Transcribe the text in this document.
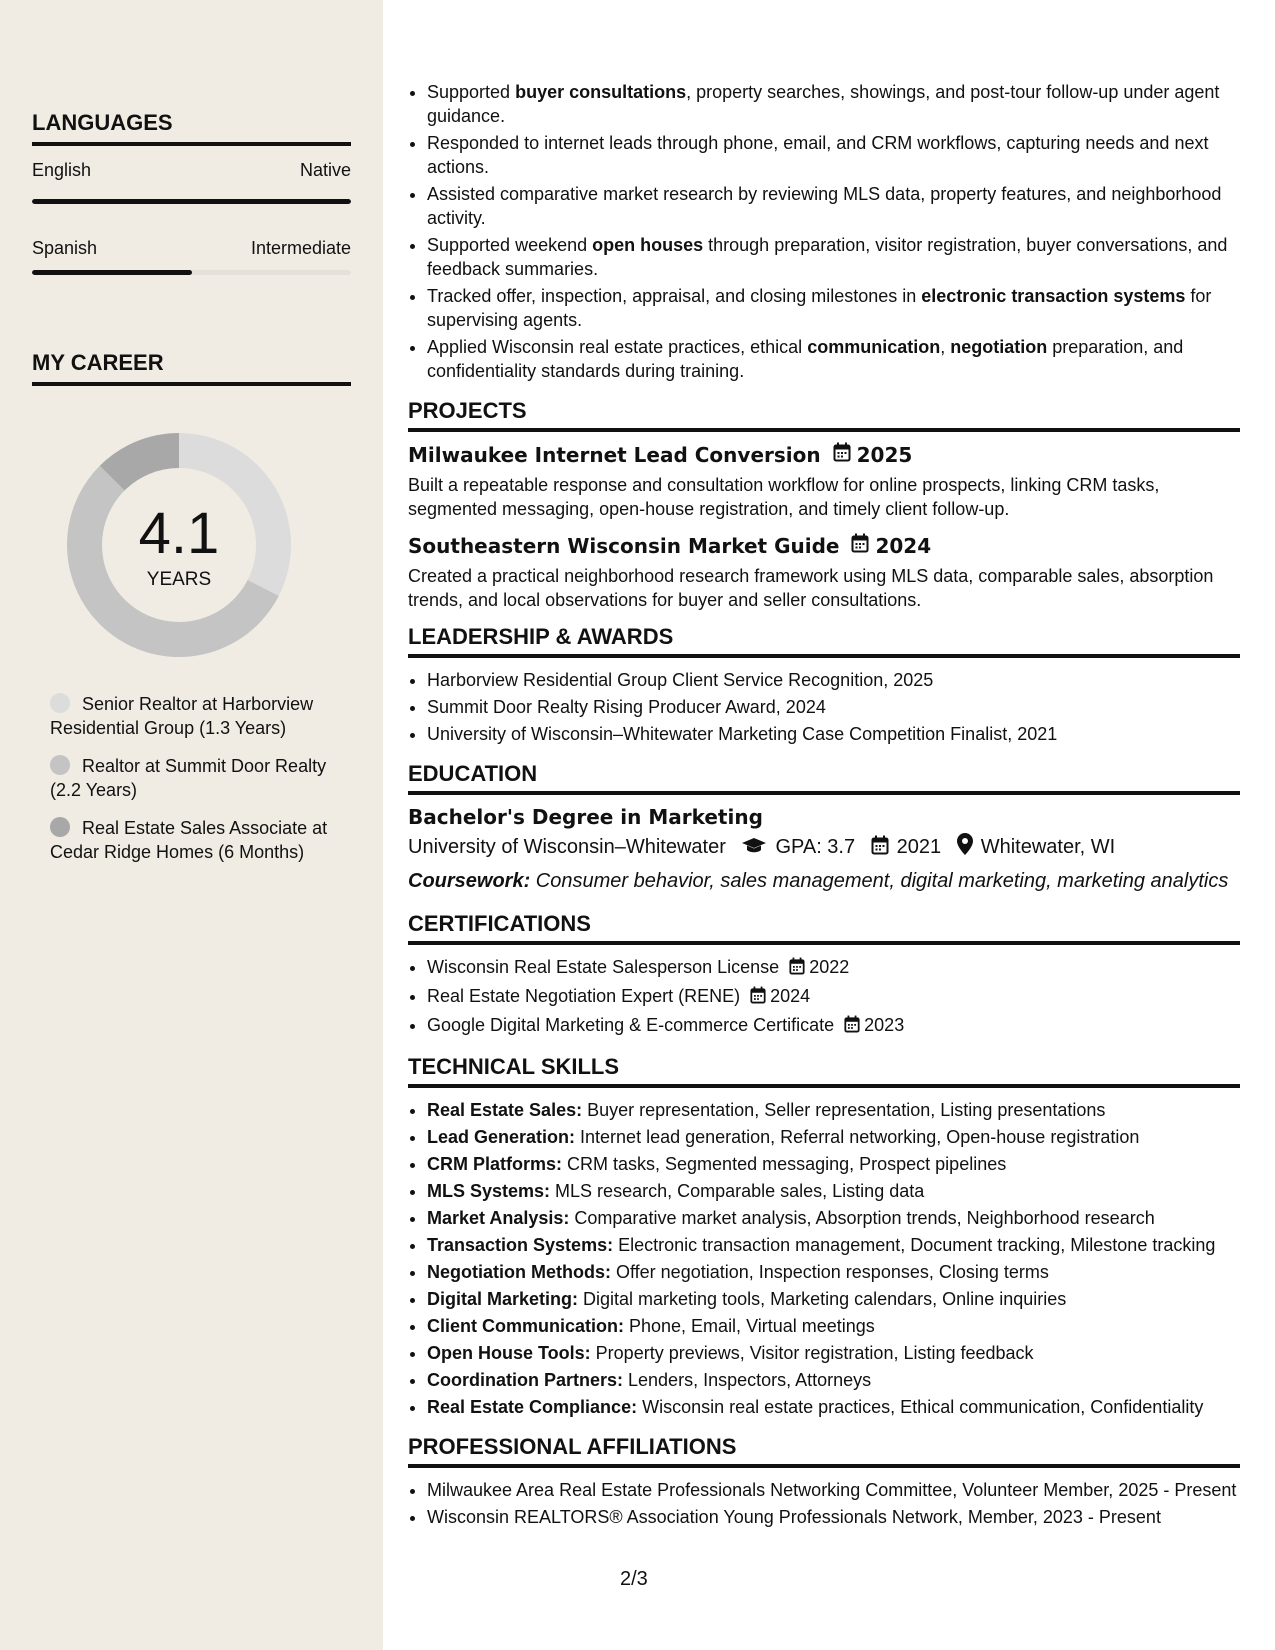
LANGUAGES
English	Native
Spanish	Intermediate
MY CAREER
4.1
YEARS
Senior Realtor at Harborview Residential Group (1.3 Years)
Realtor at Summit Door Realty (2.2 Years)
Real Estate Sales Associate at Cedar Ridge Homes (6 Months)
• Supported buyer consultations, property searches, showings, and post-tour follow-up under agent guidance.
• Responded to internet leads through phone, email, and CRM workflows, capturing needs and next actions.
• Assisted comparative market research by reviewing MLS data, property features, and neighborhood activity.
• Supported weekend open houses through preparation, visitor registration, buyer conversations, and feedback summaries.
• Tracked offer, inspection, appraisal, and closing milestones in electronic transaction systems for supervising agents.
• Applied Wisconsin real estate practices, ethical communication, negotiation preparation, and confidentiality standards during training.
PROJECTS
Milwaukee Internet Lead Conversion 2025
Built a repeatable response and consultation workflow for online prospects, linking CRM tasks, segmented messaging, open-house registration, and timely client follow-up.
Southeastern Wisconsin Market Guide 2024
Created a practical neighborhood research framework using MLS data, comparable sales, absorption trends, and local observations for buyer and seller consultations.
LEADERSHIP & AWARDS
• Harborview Residential Group Client Service Recognition, 2025
• Summit Door Realty Rising Producer Award, 2024
• University of Wisconsin–Whitewater Marketing Case Competition Finalist, 2021
EDUCATION
Bachelor's Degree in Marketing
University of Wisconsin–Whitewater GPA: 3.7 2021 Whitewater, WI
Coursework: Consumer behavior, sales management, digital marketing, marketing analytics
CERTIFICATIONS
• Wisconsin Real Estate Salesperson License 2022
• Real Estate Negotiation Expert (RENE) 2024
• Google Digital Marketing & E-commerce Certificate 2023
TECHNICAL SKILLS
• Real Estate Sales: Buyer representation, Seller representation, Listing presentations
• Lead Generation: Internet lead generation, Referral networking, Open-house registration
• CRM Platforms: CRM tasks, Segmented messaging, Prospect pipelines
• MLS Systems: MLS research, Comparable sales, Listing data
• Market Analysis: Comparative market analysis, Absorption trends, Neighborhood research
• Transaction Systems: Electronic transaction management, Document tracking, Milestone tracking
• Negotiation Methods: Offer negotiation, Inspection responses, Closing terms
• Digital Marketing: Digital marketing tools, Marketing calendars, Online inquiries
• Client Communication: Phone, Email, Virtual meetings
• Open House Tools: Property previews, Visitor registration, Listing feedback
• Coordination Partners: Lenders, Inspectors, Attorneys
• Real Estate Compliance: Wisconsin real estate practices, Ethical communication, Confidentiality
PROFESSIONAL AFFILIATIONS
• Milwaukee Area Real Estate Professionals Networking Committee, Volunteer Member, 2025 - Present
• Wisconsin REALTORS® Association Young Professionals Network, Member, 2023 - Present
2/3
